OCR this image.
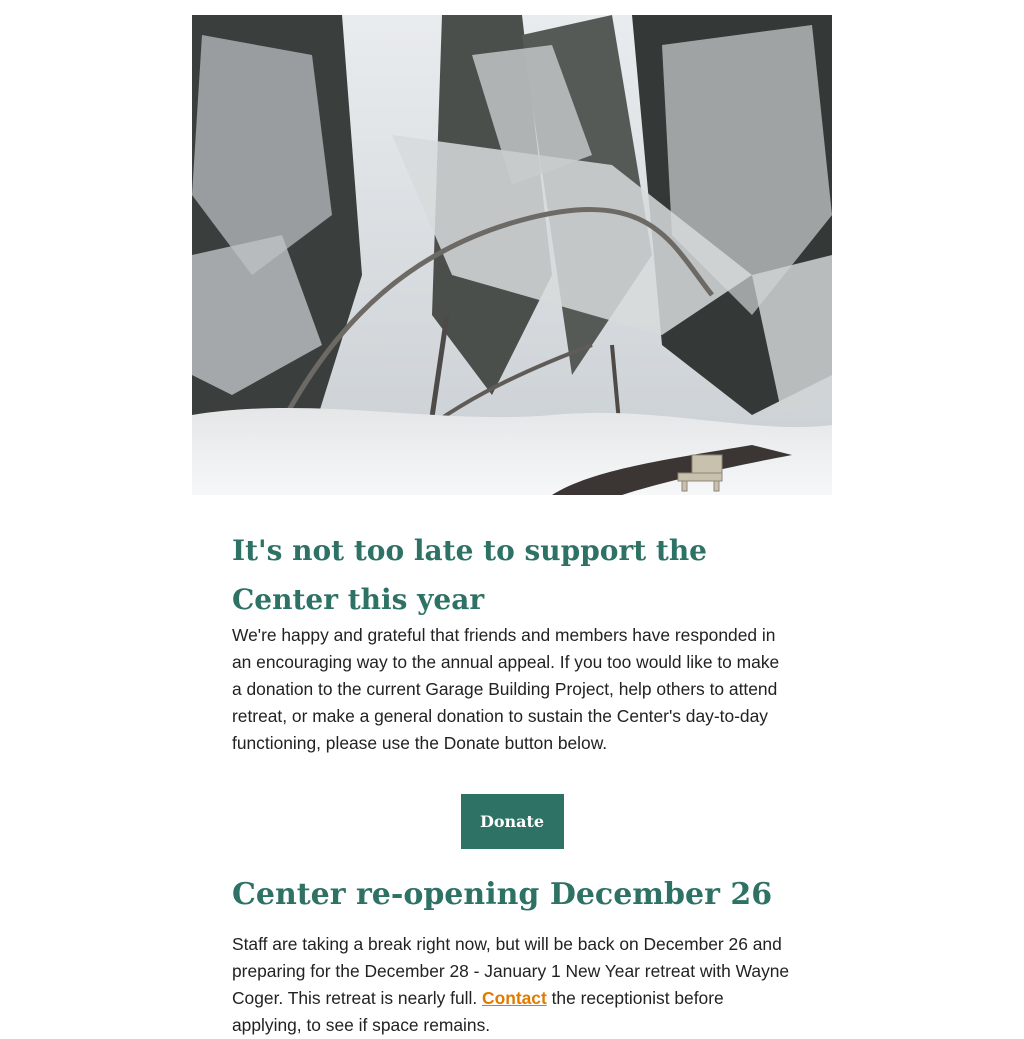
It's not too late to support the Center this year

We're happy and grateful that friends and members have responded in an encouraging way to the annual appeal. If you too would like to make a donation to the current Garage Building Project, help others to attend retreat, or make a general donation to sustain the Center's day-to-day functioning, please use the Donate button below.

Donate
Center re-opening December 26

Staff are taking a break right now, but will be back on December 26 and preparing for the December 28 - January 1 New Year retreat with Wayne Coger. This retreat is nearly full. Contact the receptionist before applying, to see if space remains.
